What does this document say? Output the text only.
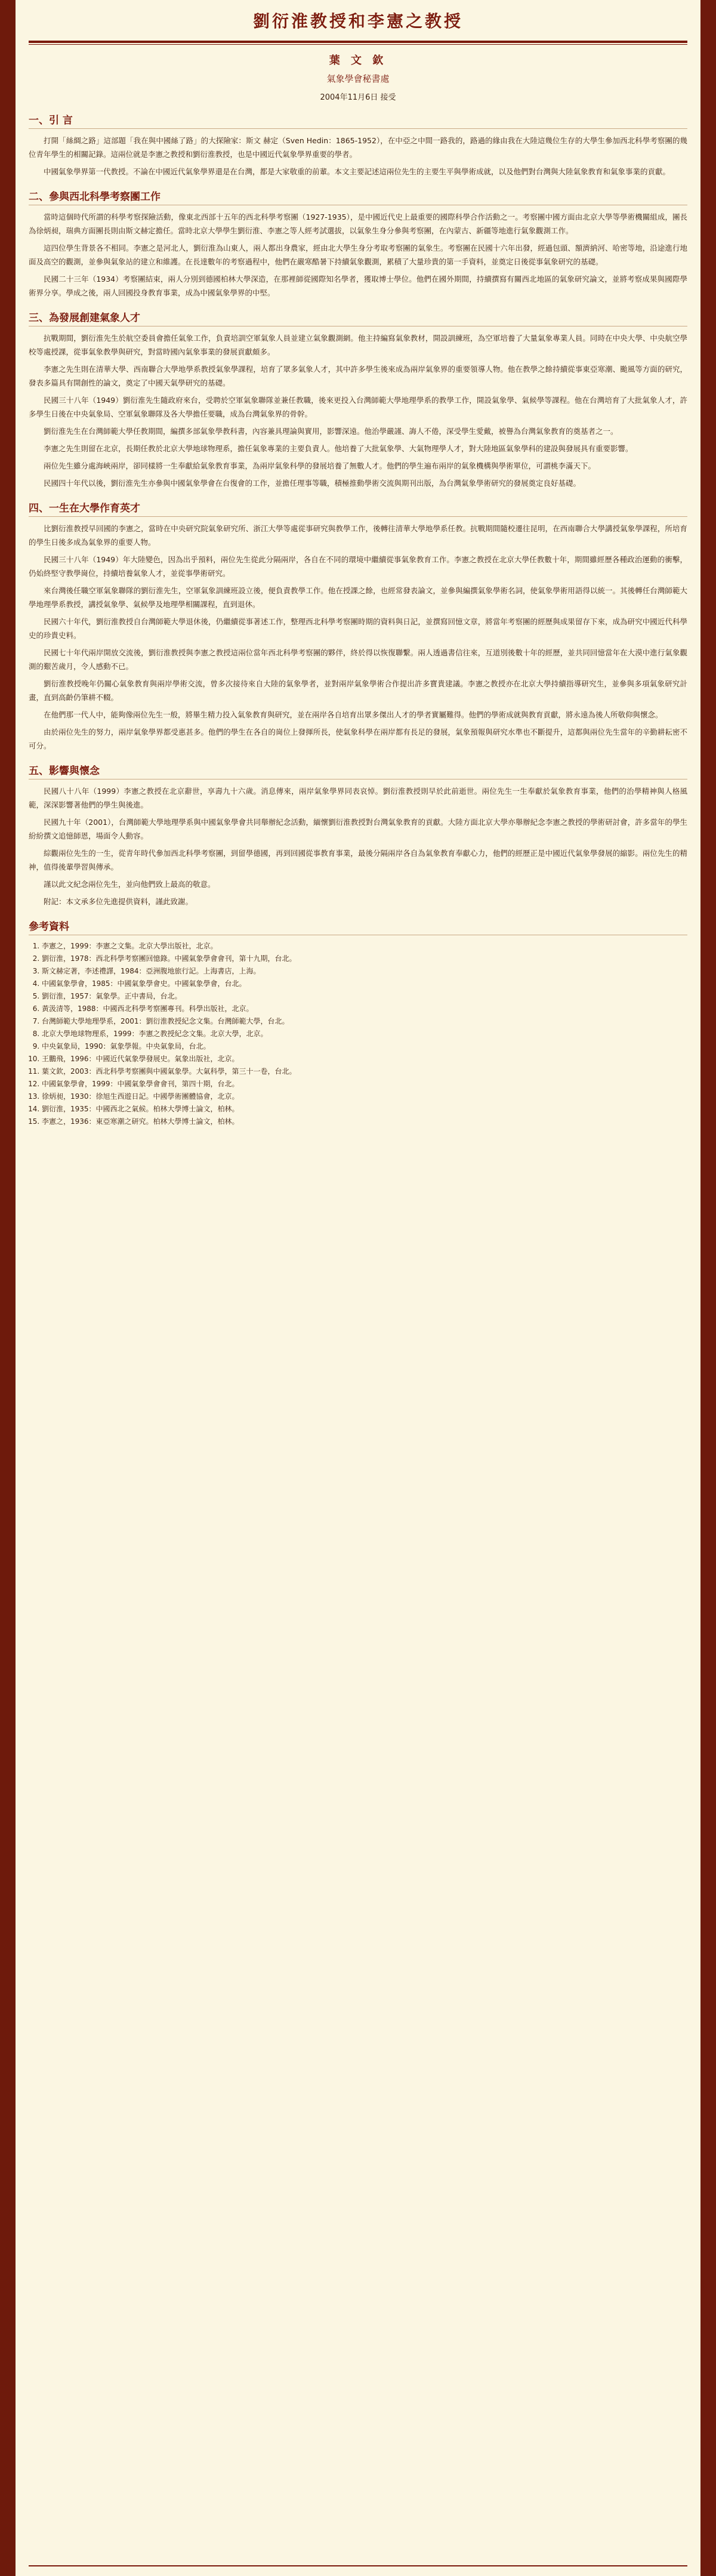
劉衍淮教授和李憲之教授
葉 文 欽
氣象學會秘書處
2004年11月6日 接受
一、引 言

打開「絲綢之路」這部題「我在與中國絲了路」的大探險家：斯文 赫定（Sven Hedin：1865-1952），在中亞之中間一路我的，路過的緣由我在大陸這幾位生存的大學生參加西北科學考察團的幾位青年學生的相關記錄。這兩位就是李憲之教授和劉衍淮教授，也是中國近代氣象學界重要的學者。

中國氣象學界第一代教授。不論在中國近代氣象學界還是在台灣，都是大家敬重的前輩。本文主要記述這兩位先生的主要生平與學術成就，以及他們對台灣與大陸氣象教育和氣象事業的貢獻。

二、參與西北科學考察團工作

當時這個時代所謂的科學考察探險活動，像東北西部十五年的西北科學考察團（1927-1935），是中國近代史上最重要的國際科學合作活動之一。考察團中國方面由北京大學等學術機關組成，團長為徐炳昶，瑞典方面團長則由斯文赫定擔任。當時北京大學學生劉衍淮、李憲之等人經考試選拔，以氣象生身分參與考察團，在內蒙古、新疆等地進行氣象觀測工作。

這四位學生背景各不相同。李憲之是河北人，劉衍淮為山東人，兩人都出身農家，經由北大學生身分考取考察團的氣象生。考察團在民國十六年出發，經過包頭、額濟納河、哈密等地，沿途進行地面及高空的觀測，並參與氣象站的建立和維護。在長達數年的考察過程中，他們在嚴寒酷暑下持續氣象觀測，累積了大量珍貴的第一手資料，並奠定日後從事氣象研究的基礎。

民國二十三年（1934）考察團結束，兩人分別到德國柏林大學深造，在那裡師從國際知名學者，獲取博士學位。他們在國外期間，持續撰寫有關西北地區的氣象研究論文，並將考察成果與國際學術界分享。學成之後，兩人回國投身教育事業，成為中國氣象學界的中堅。

三、為發展創建氣象人才

抗戰期間，劉衍淮先生於航空委員會擔任氣象工作，負責培訓空軍氣象人員並建立氣象觀測網。他主持編寫氣象教材，開設訓練班，為空軍培養了大量氣象專業人員。同時在中央大學、中央航空學校等處授課，從事氣象教學與研究，對當時國內氣象事業的發展貢獻頗多。

李憲之先生則在清華大學、西南聯合大學地學系教授氣象學課程，培育了眾多氣象人才，其中許多學生後來成為兩岸氣象界的重要領導人物。他在教學之餘持續從事東亞寒潮、颱風等方面的研究，發表多篇具有開創性的論文，奠定了中國天氣學研究的基礎。

民國三十八年（1949）劉衍淮先生隨政府來台，受聘於空軍氣象聯隊並兼任教職，後來更投入台灣師範大學地理學系的教學工作，開設氣象學、氣候學等課程。他在台灣培育了大批氣象人才，許多學生日後在中央氣象局、空軍氣象聯隊及各大學擔任要職，成為台灣氣象界的骨幹。

劉衍淮先生在台灣師範大學任教期間，編撰多部氣象學教科書，內容兼具理論與實用，影響深遠。他治學嚴謹、誨人不倦，深受學生愛戴，被譽為台灣氣象教育的奠基者之一。

李憲之先生則留在北京，長期任教於北京大學地球物理系，擔任氣象專業的主要負責人。他培養了大批氣象學、大氣物理學人才，對大陸地區氣象學科的建設與發展具有重要影響。

兩位先生雖分處海峽兩岸，卻同樣將一生奉獻給氣象教育事業，為兩岸氣象科學的發展培養了無數人才。他們的學生遍布兩岸的氣象機構與學術單位，可謂桃李滿天下。

民國四十年代以後，劉衍淮先生亦參與中國氣象學會在台復會的工作，並擔任理事等職，積極推動學術交流與期刊出版，為台灣氣象學術研究的發展奠定良好基礎。

四、一生在大學作育英才

比劉衍淮教授早回國的李憲之，當時在中央研究院氣象研究所、浙江大學等處從事研究與教學工作，後轉往清華大學地學系任教。抗戰期間隨校遷往昆明，在西南聯合大學講授氣象學課程，所培育的學生日後多成為氣象界的重要人物。

民國三十八年（1949）年大陸變色，因為出乎預料，兩位先生從此分隔兩岸，各自在不同的環境中繼續從事氣象教育工作。李憲之教授在北京大學任教數十年，期間雖經歷各種政治運動的衝擊，仍始終堅守教學崗位，持續培養氣象人才，並從事學術研究。

來台灣後任職空軍氣象聯隊的劉衍淮先生，空軍氣象訓練班設立後，便負責教學工作。他在授課之餘，也經常發表論文，並參與編撰氣象學術名詞，使氣象學術用語得以統一。其後轉任台灣師範大學地理學系教授，講授氣象學、氣候學及地理學相關課程，直到退休。

民國六十年代，劉衍淮教授自台灣師範大學退休後，仍繼續從事著述工作，整理西北科學考察團時期的資料與日記，並撰寫回憶文章，將當年考察團的經歷與成果留存下來，成為研究中國近代科學史的珍貴史料。

民國七十年代兩岸開放交流後，劉衍淮教授與李憲之教授這兩位當年西北科學考察團的夥伴，終於得以恢復聯繫。兩人透過書信往來，互道別後數十年的經歷，並共同回憶當年在大漠中進行氣象觀測的艱苦歲月，令人感動不已。

劉衍淮教授晚年仍關心氣象教育與兩岸學術交流，曾多次接待來自大陸的氣象學者，並對兩岸氣象學術合作提出許多寶貴建議。李憲之教授亦在北京大學持續指導研究生，並參與多項氣象研究計畫，直到高齡仍筆耕不輟。

在他們那一代人中，能夠像兩位先生一般，將畢生精力投入氣象教育與研究，並在兩岸各自培育出眾多傑出人才的學者實屬難得。他們的學術成就與教育貢獻，將永遠為後人所敬仰與懷念。

由於兩位先生的努力，兩岸氣象學界都受惠甚多。他們的學生在各自的崗位上發揮所長，使氣象科學在兩岸都有長足的發展，氣象預報與研究水準也不斷提升，這都與兩位先生當年的辛勤耕耘密不可分。

五、影響與懷念

民國八十八年（1999）李憲之教授在北京辭世，享壽九十六歲。消息傳來，兩岸氣象學界同表哀悼。劉衍淮教授則早於此前逝世。兩位先生一生奉獻於氣象教育事業，他們的治學精神與人格風範，深深影響著他們的學生與後進。

民國九十年（2001），台灣師範大學地理學系與中國氣象學會共同舉辦紀念活動，緬懷劉衍淮教授對台灣氣象教育的貢獻。大陸方面北京大學亦舉辦紀念李憲之教授的學術研討會，許多當年的學生紛紛撰文追憶師恩，場面令人動容。

綜觀兩位先生的一生，從青年時代參加西北科學考察團，到留學德國，再到回國從事教育事業，最後分隔兩岸各自為氣象教育奉獻心力，他們的經歷正是中國近代氣象學發展的縮影。兩位先生的精神，值得後輩學習與傳承。

謹以此文紀念兩位先生，並向他們致上最高的敬意。

附記：本文承多位先進提供資料，謹此致謝。

參考資料
1. 李憲之，1999：李憲之文集。北京大學出版社，北京。
2. 劉衍淮，1978：西北科學考察團回憶錄。中國氣象學會會刊，第十九期，台北。
3. 斯文赫定著，李述禮譯，1984：亞洲腹地旅行記。上海書店，上海。
4. 中國氣象學會，1985：中國氣象學會史。中國氣象學會，台北。
5. 劉衍淮，1957：氣象學。正中書局，台北。
6. 黃汲清等，1988：中國西北科學考察團專刊。科學出版社，北京。
7. 台灣師範大學地理學系，2001：劉衍淮教授紀念文集。台灣師範大學，台北。
8. 北京大學地球物理系，1999：李憲之教授紀念文集。北京大學，北京。
9. 中央氣象局，1990：氣象學報。中央氣象局，台北。
10. 王鵬飛，1996：中國近代氣象學發展史。氣象出版社，北京。
11. 葉文欽，2003：西北科學考察團與中國氣象學。大氣科學，第三十一卷，台北。
12. 中國氣象學會，1999：中國氣象學會會刊，第四十期，台北。
13. 徐炳昶，1930：徐旭生西遊日記。中國學術團體協會，北京。
14. 劉衍淮，1935：中國西北之氣候。柏林大學博士論文，柏林。
15. 李憲之，1936：東亞寒潮之研究。柏林大學博士論文，柏林。
